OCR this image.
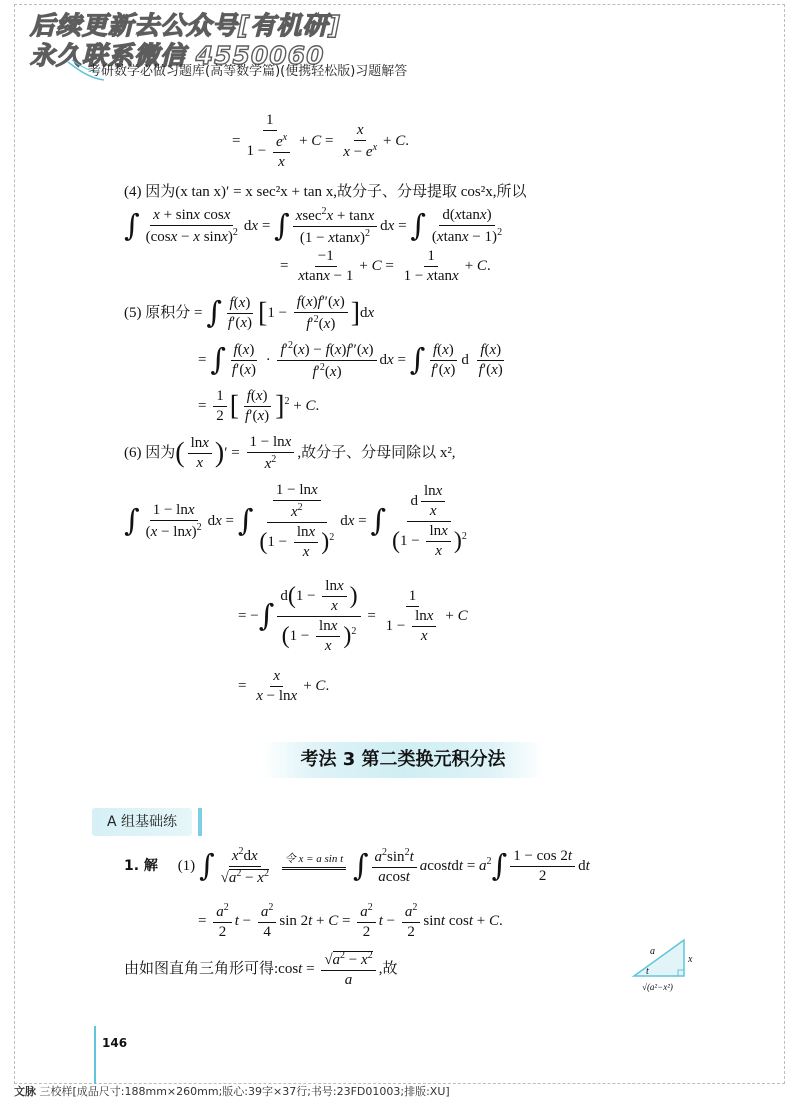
后续更新去公众号[有机研]
永久联系微信 4550060
考研数学必做习题库(高等数学篇)(便携轻松版)习题解答
= $\frac{1}{1 - \frac{e^x}{x}} + C = \frac{x}{x - e^x} + C$.
(4) 因为(x tan x)′ = x sec²x + tan x,故分子、分母提取 cos²x,所以
∫ $\frac{\text{x + sinx cosx}}{(\cos x - x \sin x)^2}$ dx = ∫ $\frac{xsec^2x + \tan x}{(1 - xtanx)^2}$ dx = ∫ $\frac{d(xtanx)}{(xtanx - 1)^2}$
= $\frac{-1}{xtanx - 1} + C = \frac{1}{1 - xtanx} + C$.
(5) 原积分 = ∫ $\frac{f(x)}{f'(x)} [1 - \frac{f(x)f''(x)}{f'^2(x)} ]dx$
= ∫ $\frac{f(x)}{f'(x)} \cdot \frac{f'^2(x) - f(x)f''(x)}{f'^2(x)}$ dx = ∫ $\frac{f(x)}{f'(x)}$ d $\frac{f(x)}{f'(x)}$
= $\frac{1}{2}$ [ $\frac{f(x)}{f'(x)} ]^2 + C$.
(6) 因为( $\frac{\ln x}{x}$ )′ = $\frac{1 - \ln x}{x^2}$ ,故分子、分母同除以 x²,
∫ $\frac{1 - \ln x}{(x - \ln x)^2}$ dx = ∫ $\frac{\frac{1 - \ln x}{x^2}}{(1 - \frac{\ln x}{x} )^2}$ dx = ∫ $\frac{d \frac{\ln x}{x}}{(1 - \frac{\ln x}{x} )^2}$
= −∫ $\frac{d(1 - \frac{\ln x}{x} )}{(1 - \frac{\ln x}{x} )^2} = \frac{1}{1 - \frac{\ln x}{x}} + C$
= $\frac{x}{x - \ln x} + C$.
考法 3 第二类换元积分法
A 组基础练
1. 解 (1) ∫ $\frac{x^2dx}{√a^2 - x^2}$
令 x = a sin t
∫ $\frac{a^2\sin^2t}{acost}$ acostdt = $a^2\int \frac{1 - \cos 2t}{2}$ dt
= $\frac{a^2}{2}$ $t - \frac{a^2}{4}$ $\sin 2t + C = \frac{a^2}{2}$ $t - \frac{a^2}{2}$ sint cost + C.
由如图直角三角形可得:cost = $\frac{√a^2 - x^2}{a}$ ,故
a
x
t
√(a²−x²)
146
文脉 三校样[成品尺寸:188mm×260mm;版心:39字×37行;书号:23FD01003;排版:XU]
